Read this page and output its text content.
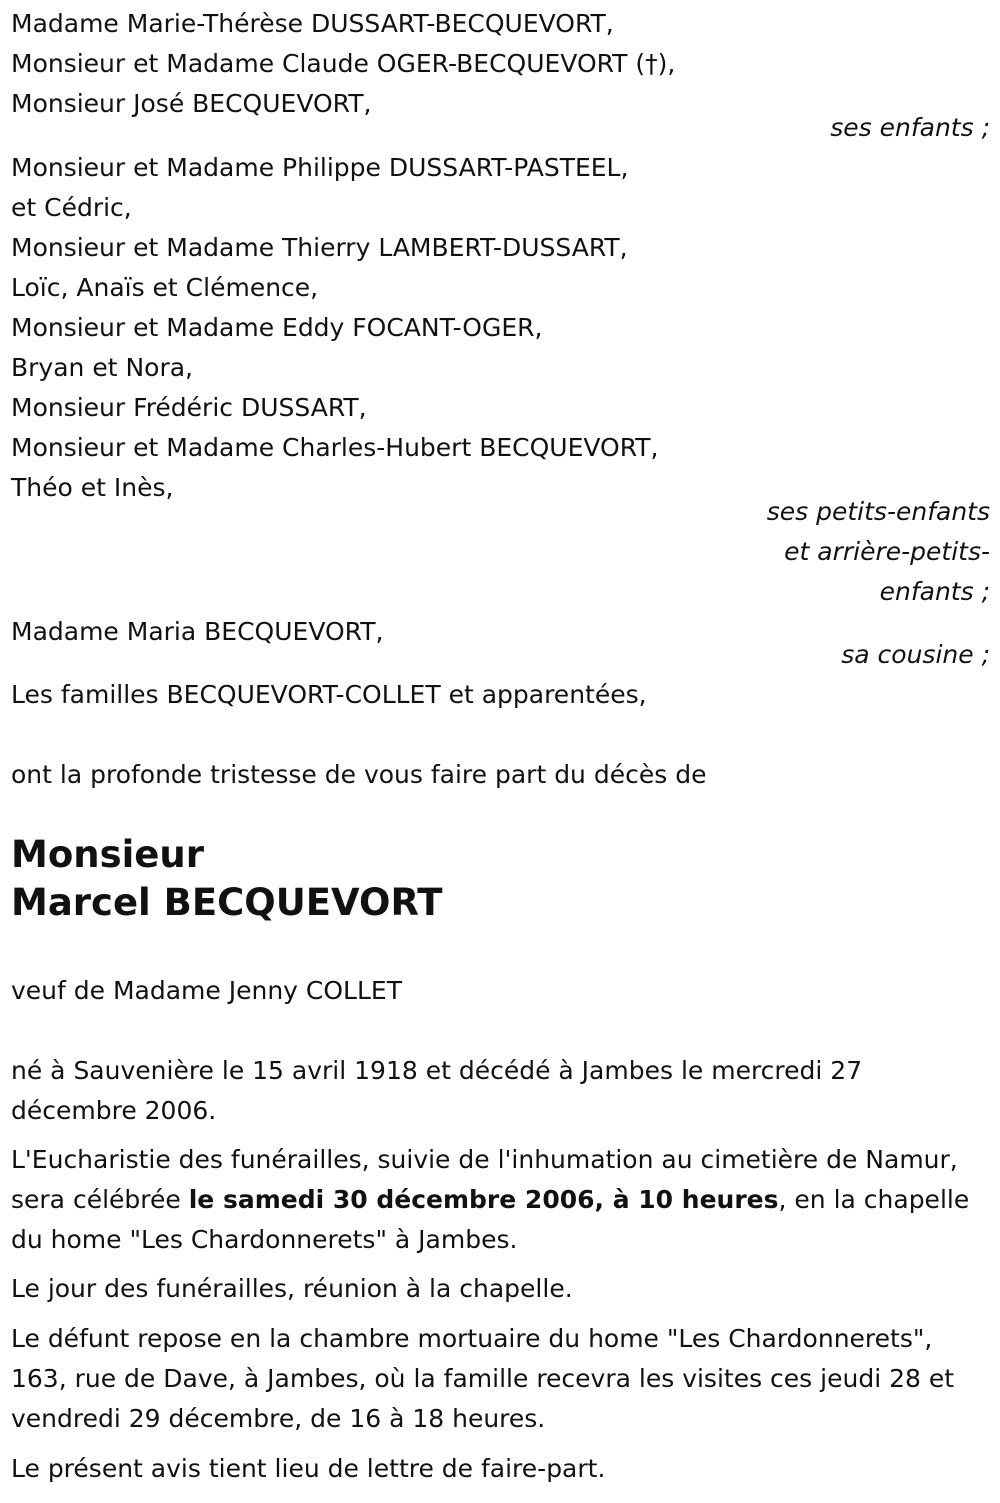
Madame Marie-Thérèse DUSSART-BECQUEVORT,
Monsieur et Madame Claude OGER-BECQUEVORT (†),
Monsieur José BECQUEVORT,
ses enfants ;
Monsieur et Madame Philippe DUSSART-PASTEEL,
et Cédric,
Monsieur et Madame Thierry LAMBERT-DUSSART,
Loïc, Anaïs et Clémence,
Monsieur et Madame Eddy FOCANT-OGER,
Bryan et Nora,
Monsieur Frédéric DUSSART,
Monsieur et Madame Charles-Hubert BECQUEVORT,
Théo et Inès,
ses petits-enfants
et arrière-petits-
enfants ;
Madame Maria BECQUEVORT,
sa cousine ;
Les familles BECQUEVORT-COLLET et apparentées,
ont la profonde tristesse de vous faire part du décès de
Monsieur
Marcel BECQUEVORT
veuf de Madame Jenny COLLET
né à Sauvenière le 15 avril 1918 et décédé à Jambes le mercredi 27 décembre 2006.
L'Eucharistie des funérailles, suivie de l'inhumation au cimetière de Namur, sera célébrée le samedi 30 décembre 2006, à 10 heures, en la chapelle du home "Les Chardonnerets" à Jambes.
Le jour des funérailles, réunion à la chapelle.
Le défunt repose en la chambre mortuaire du home "Les Chardonnerets", 163, rue de Dave, à Jambes, où la famille recevra les visites ces jeudi 28 et vendredi 29 décembre, de 16 à 18 heures.
Le présent avis tient lieu de lettre de faire-part.
